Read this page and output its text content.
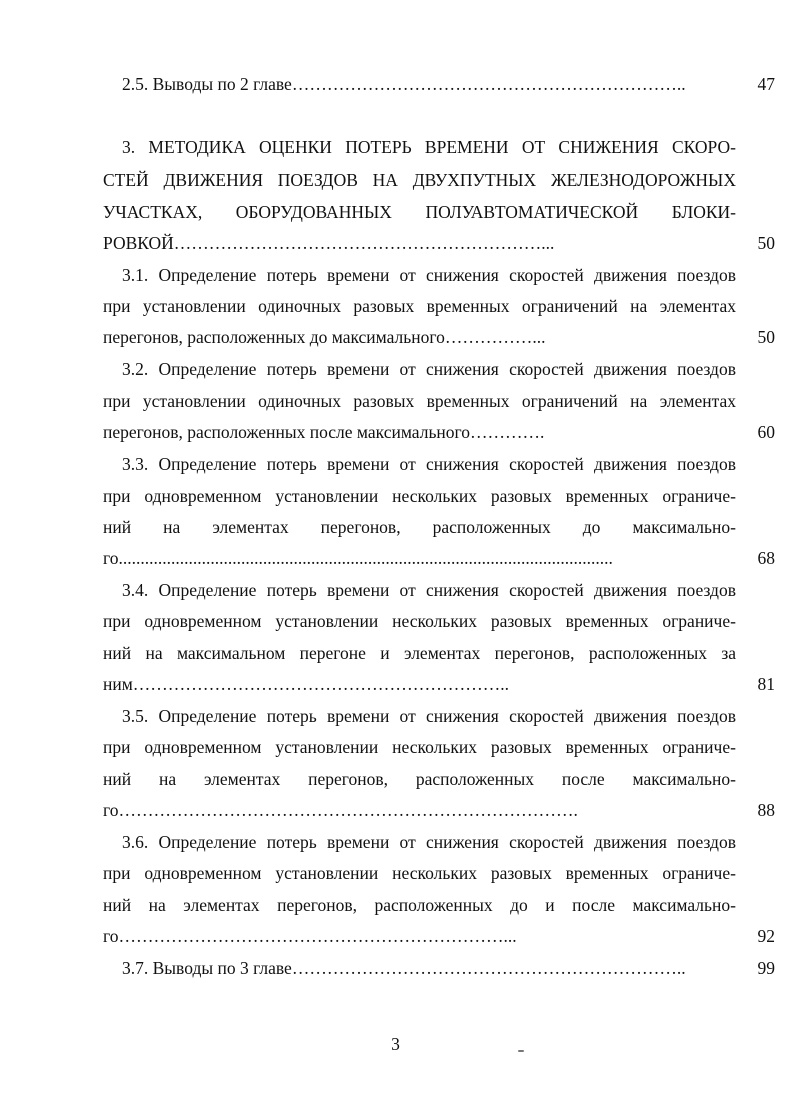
2.5. Выводы по 2 главе…………………………………………………………..	47
3. МЕТОДИКА ОЦЕНКИ ПОТЕРЬ ВРЕМЕНИ ОТ СНИЖЕНИЯ СКОРО-
СТЕЙ ДВИЖЕНИЯ ПОЕЗДОВ НА ДВУХПУТНЫХ ЖЕЛЕЗНОДОРОЖНЫХ
УЧАСТКАХ, ОБОРУДОВАННЫХ ПОЛУАВТОМАТИЧЕСКОЙ БЛОКИ-
РОВКОЙ………………………………………………………...	50
3.1. Определение потерь времени от снижения скоростей движения поездов
при установлении одиночных разовых временных ограничений на элементах
перегонов, расположенных до максимального……………...	50
3.2. Определение потерь времени от снижения скоростей движения поездов
при установлении одиночных разовых временных ограничений на элементах
перегонов, расположенных после максимального………….	60
3.3. Определение потерь времени от снижения скоростей движения поездов
при одновременном установлении нескольких разовых временных ограниче-
ний на элементах перегонов, расположенных до максимально-
го.................................................................................................................	68
3.4. Определение потерь времени от снижения скоростей движения поездов
при одновременном установлении нескольких разовых временных ограниче-
ний на максимальном перегоне и элементах перегонов, расположенных за
ним………………………………………………………..	81
3.5. Определение потерь времени от снижения скоростей движения поездов
при одновременном установлении нескольких разовых временных ограниче-
ний на элементах перегонов, расположенных после максимально-
го…………………………………………………………………….	88
3.6. Определение потерь времени от снижения скоростей движения поездов
при одновременном установлении нескольких разовых временных ограниче-
ний на элементах перегонов, расположенных до и после максимально-
го…………………………………………………………...	92
3.7. Выводы по 3 главе…………………………………………………………..	99
3
